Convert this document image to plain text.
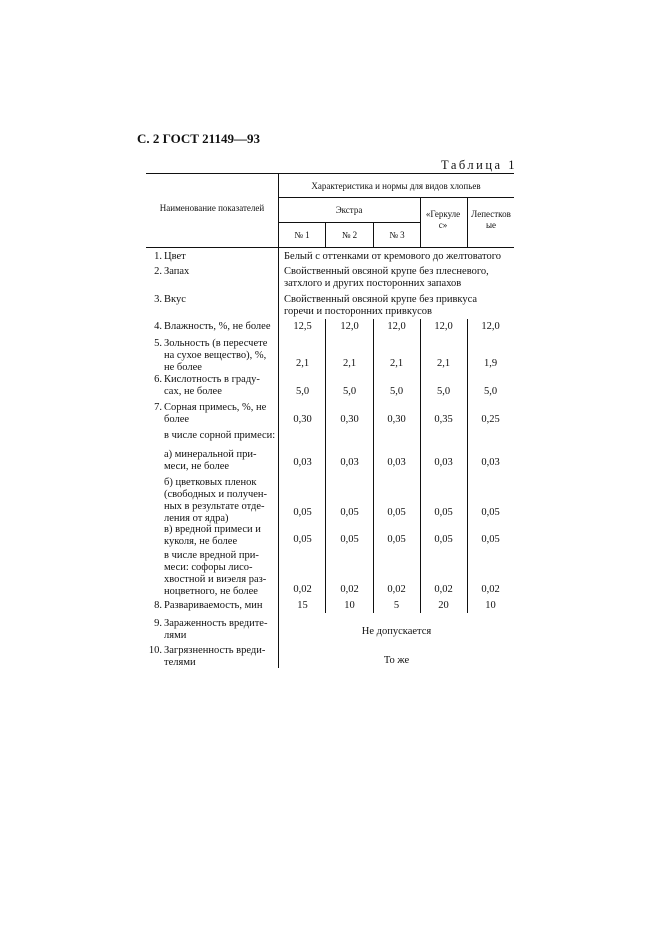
С. 2 ГОСТ 21149—93
Таблица 1
Наименование показателей
Характеристика и нормы для видов хлопьев
Экстра
№ 1	№ 2	№ 3
«Геркулес»
Лепестковые
1. Цвет	Белый с оттенками от кремового до желтоватого
2. Запах	Свойственный овсяной крупе без плесневого,
затхлого и других посторонних запахов
3. Вкус	Свойственный овсяной крупе без привкуса
горечи и посторонних привкусов
4. Влажность, %, не более	12,5	12,0	12,0	12,0	12,0
5. Зольность (в пересчете
на сухое вещество), %,
не более	2,1	2,1	2,1	2,1	1,9
6. Кислотность в граду-
сах, не более	5,0	5,0	5,0	5,0	5,0
7. Сорная примесь, %, не
более	0,30	0,30	0,30	0,35	0,25
в числе сорной примеси:
а) минеральной при-
меси, не более	0,03	0,03	0,03	0,03	0,03
б) цветковых пленок
(свободных и получен-
ных в результате отде-
ления от ядра)
0,05	0,05	0,05	0,05	0,05
в) вредной примеси и
куколя, не более	0,05	0,05	0,05	0,05	0,05
в числе вредной при-
меси: софоры лисо-
хвостной и виэеля раз-
ноцветного, не более	0,02	0,02	0,02	0,02	0,02
8. Развариваемость, мин	15	10	5	20	10
9. Зараженность вредите-
лями	Не допускается
10. Загрязненность вреди-
телями	То же
